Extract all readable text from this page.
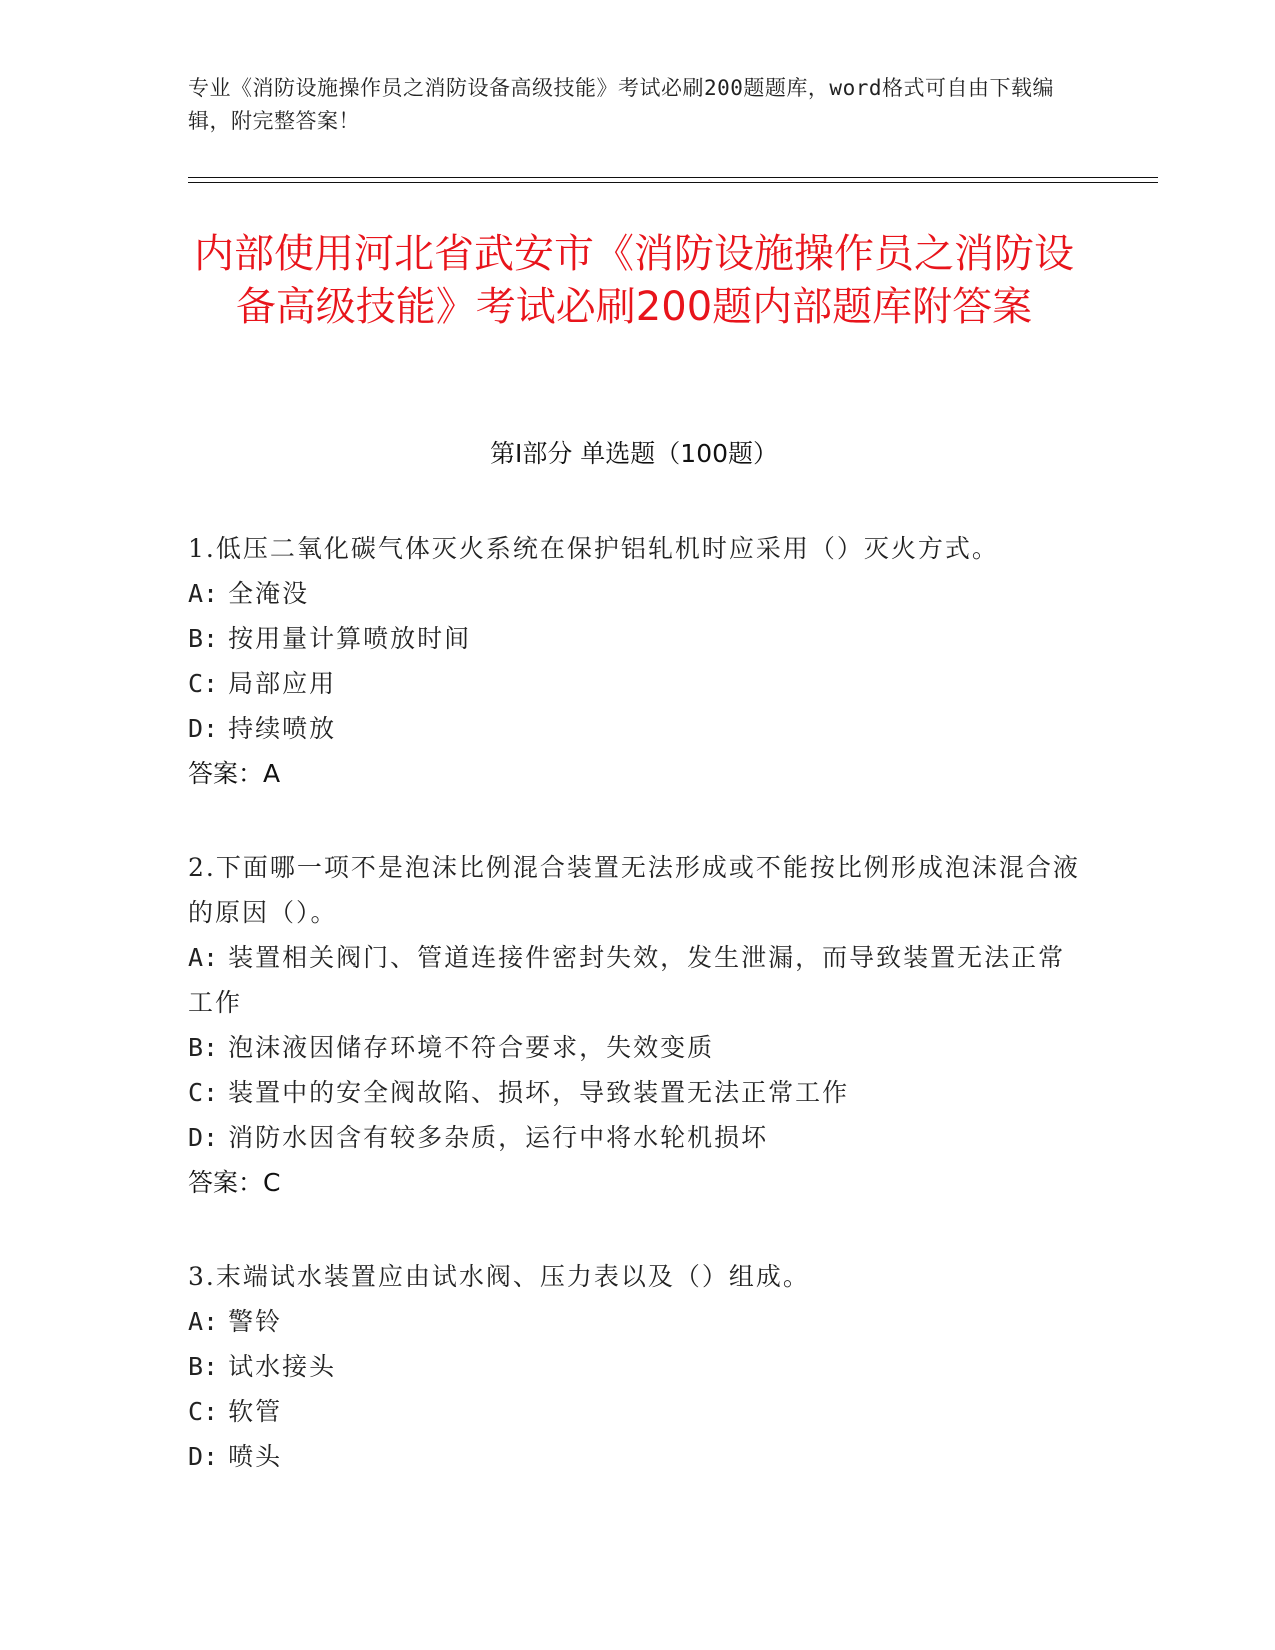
专业《消防设施操作员之消防设备高级技能》考试必刷200题题库，word格式可自由下载编辑，附完整答案！
内部使用河北省武安市《消防设施操作员之消防设备高级技能》考试必刷200题内部题库附答案
第I部分 单选题（100题）
1.低压二氧化碳气体灭火系统在保护铝轧机时应采用（）灭火方式。
A: 全淹没
B: 按用量计算喷放时间
C: 局部应用
D: 持续喷放
答案：A
2.下面哪一项不是泡沫比例混合装置无法形成或不能按比例形成泡沫混合液的原因（）。
A: 装置相关阀门、管道连接件密封失效，发生泄漏，而导致装置无法正常工作
B: 泡沫液因储存环境不符合要求，失效变质
C: 装置中的安全阀故陷、损坏，导致装置无法正常工作
D: 消防水因含有较多杂质，运行中将水轮机损坏
答案：C
3.末端试水装置应由试水阀、压力表以及（）组成。
A: 警铃
B: 试水接头
C: 软管
D: 喷头
